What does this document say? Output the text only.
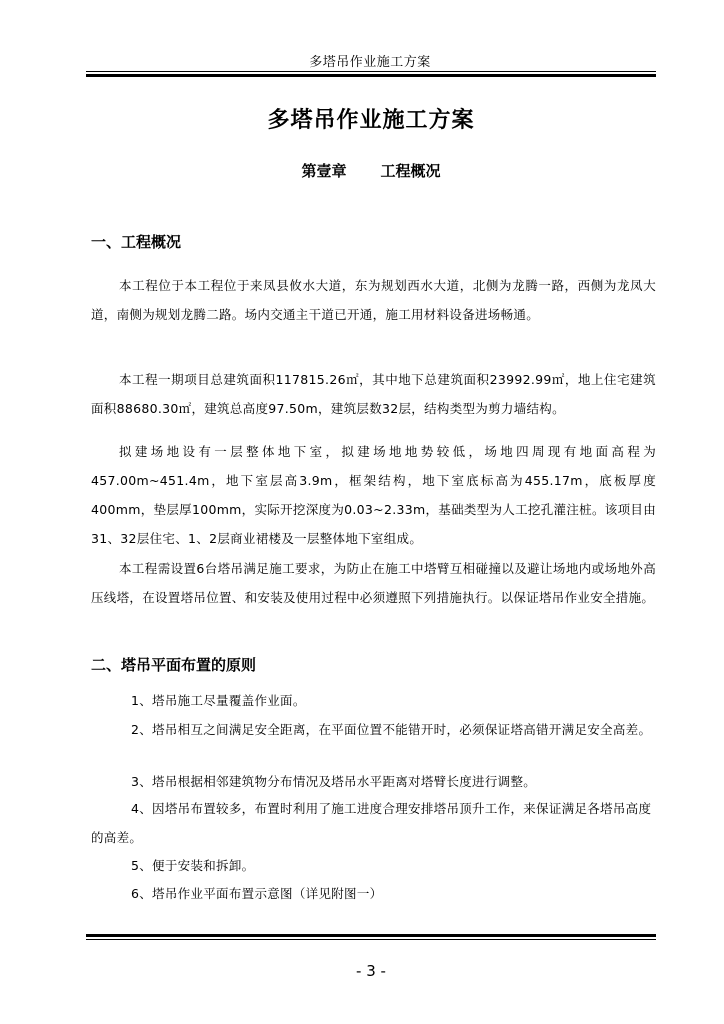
多塔吊作业施工方案
多塔吊作业施工方案
第壹章 工程概况
一、工程概况
本工程位于本工程位于来凤县攸水大道，东为规划西水大道，北侧为龙腾一路，西侧为龙凤大道，南侧为规划龙腾二路。场内交通主干道已开通，施工用材料设备进场畅通。
本工程一期项目总建筑面积117815.26㎡，其中地下总建筑面积23992.99㎡，地上住宅建筑面积88680.30㎡，建筑总高度97.50m，建筑层数32层，结构类型为剪力墙结构。
拟建场地设有一层整体地下室，拟建场地地势较低，场地四周现有地面高程为457.00m~451.4m，地下室层高3.9m，框架结构，地下室底标高为455.17m，底板厚度400mm，垫层厚100mm，实际开挖深度为0.03~2.33m，基础类型为人工挖孔灌注桩。该项目由31、32层住宅、1、2层商业裙楼及一层整体地下室组成。
本工程需设置6台塔吊满足施工要求，为防止在施工中塔臂互相碰撞以及避让场地内或场地外高压线塔，在设置塔吊位置、和安装及使用过程中必须遵照下列措施执行。以保证塔吊作业安全措施。
二、塔吊平面布置的原则
1、塔吊施工尽量覆盖作业面。
2、塔吊相互之间满足安全距离，在平面位置不能错开时，必须保证塔高错开满足安全高差。
3、塔吊根据相邻建筑物分布情况及塔吊水平距离对塔臂长度进行调整。
4、因塔吊布置较多，布置时利用了施工进度合理安排塔吊顶升工作，来保证满足各塔吊高度的高差。
5、便于安装和拆卸。
6、塔吊作业平面布置示意图（详见附图一）
- 3 -
